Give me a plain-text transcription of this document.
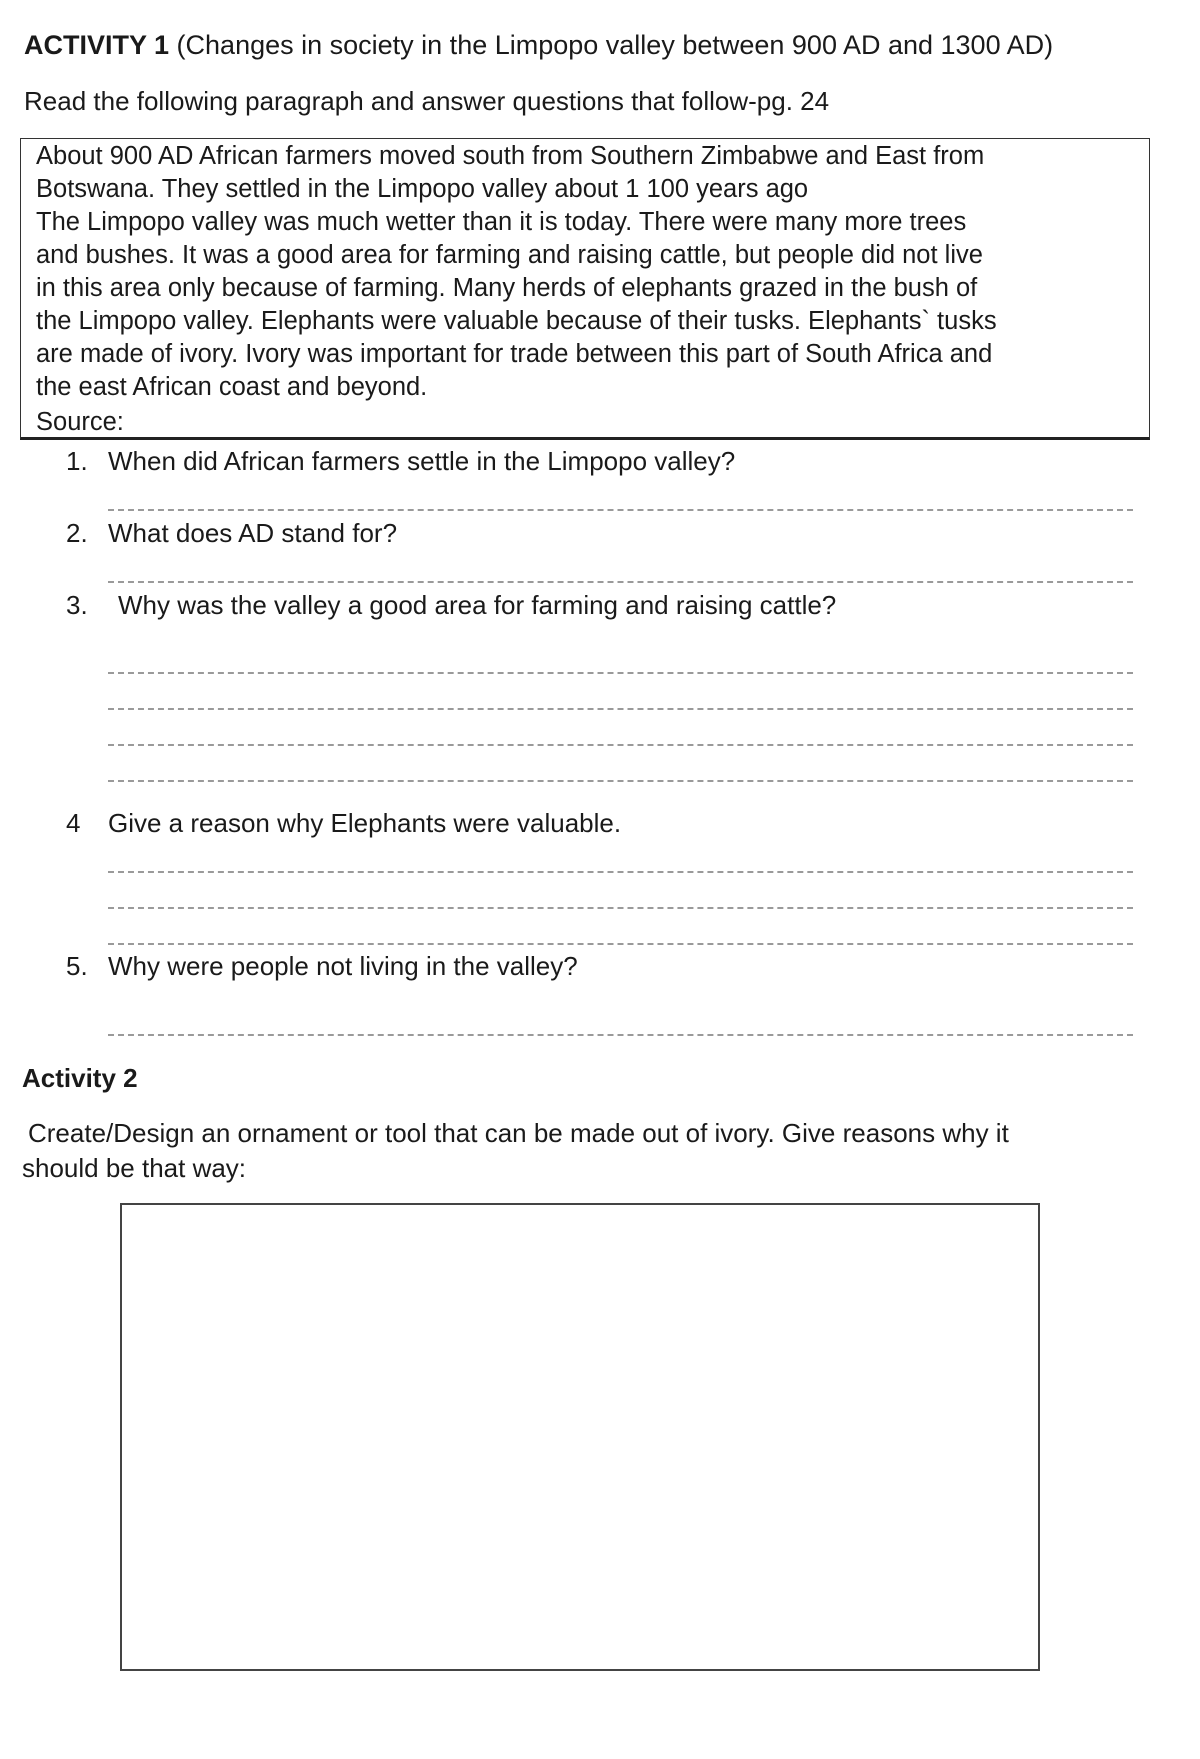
ACTIVITY 1 (Changes in society in the Limpopo valley between 900 AD and 1300 AD)
Read the following paragraph and answer questions that follow-pg. 24
About 900 AD African farmers moved south from Southern Zimbabwe and East from
Botswana. They settled in the Limpopo valley about 1 100 years ago
The Limpopo valley was much wetter than it is today. There were many more trees
and bushes. It was a good area for farming and raising cattle, but people did not live
in this area only because of farming. Many herds of elephants grazed in the bush of
the Limpopo valley. Elephants were valuable because of their tusks. Elephants` tusks
are made of ivory. Ivory was important for trade between this part of South Africa and
the east African coast and beyond.
Source:
1. When did African farmers settle in the Limpopo valley?
2. What does AD stand for?
3. Why was the valley a good area for farming and raising cattle?
4 Give a reason why Elephants were valuable.
5. Why were people not living in the valley?
Activity 2
Create/Design an ornament or tool that can be made out of ivory. Give reasons why it
should be that way:
